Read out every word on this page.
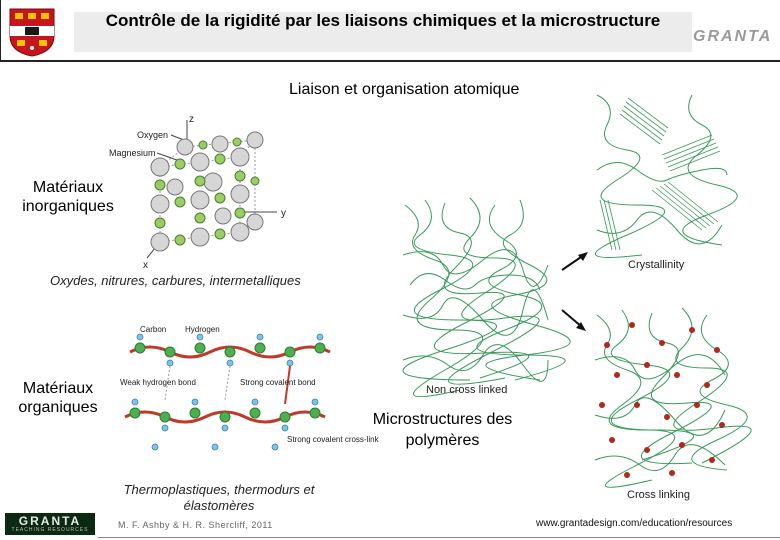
Contrôle de la rigidité par les liaisons chimiques et la microstructure
GRANTA
Liaison et organisation atomique
z
y
x
Oxygen
Magnesium
Matériaux inorganiques
Oxydes, nitrures, carbures, intermetalliques
Carbon Hydrogen
Weak hydrogen bond	Strong covalent bond
Strong covalent cross-link
Matériaux organiques
Thermoplastiques, thermodurs et élastomères
Non cross linked
Crystallinity
Cross linking
Microstructures des polymères
GRANTA
TEACHING RESOURCES	M. F. Ashby & H. R. Shercliff, 2011	www.grantadesign.com/education/resources
